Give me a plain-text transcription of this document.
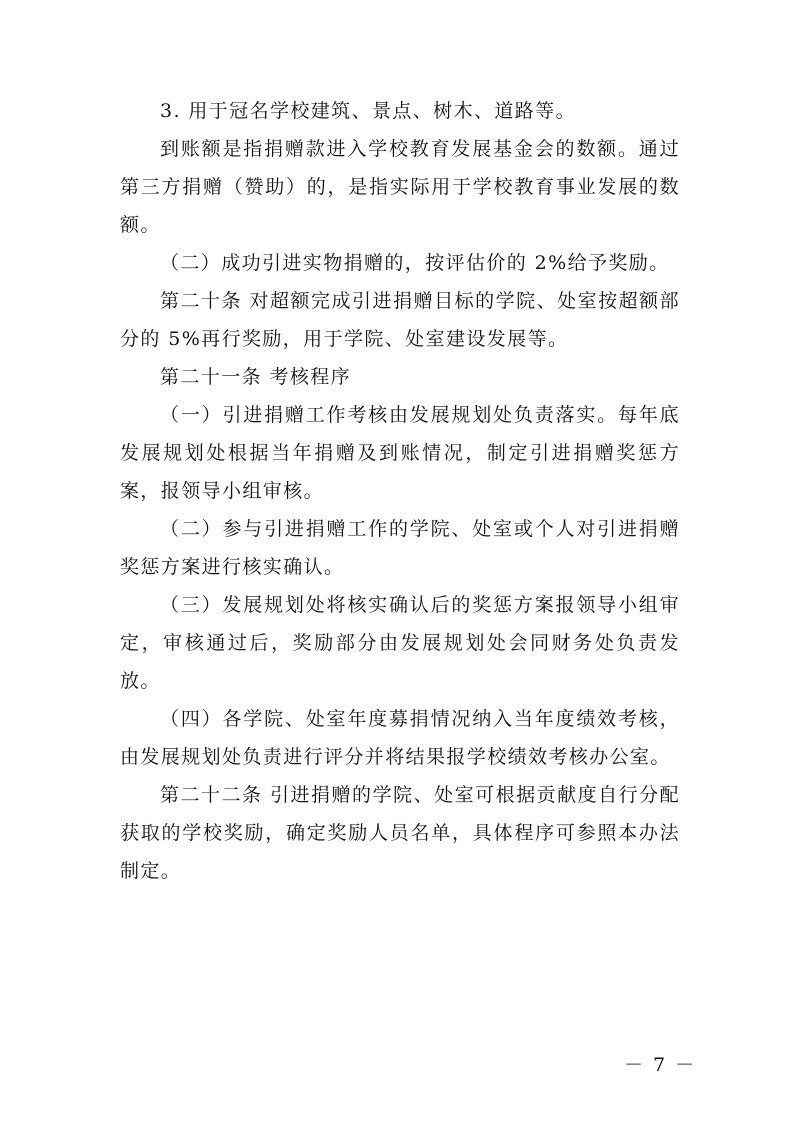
3. 用于冠名学校建筑、景点、树木、道路等。

到账额是指捐赠款进入学校教育发展基金会的数额。通过第三方捐赠（赞助）的，是指实际用于学校教育事业发展的数额。

（二）成功引进实物捐赠的，按评估价的 2%给予奖励。

第二十条 对超额完成引进捐赠目标的学院、处室按超额部分的 5%再行奖励，用于学院、处室建设发展等。

第二十一条 考核程序

（一）引进捐赠工作考核由发展规划处负责落实。每年底发展规划处根据当年捐赠及到账情况，制定引进捐赠奖惩方案，报领导小组审核。

（二）参与引进捐赠工作的学院、处室或个人对引进捐赠奖惩方案进行核实确认。

（三）发展规划处将核实确认后的奖惩方案报领导小组审定，审核通过后，奖励部分由发展规划处会同财务处负责发放。

（四）各学院、处室年度募捐情况纳入当年度绩效考核，由发展规划处负责进行评分并将结果报学校绩效考核办公室。

第二十二条 引进捐赠的学院、处室可根据贡献度自行分配获取的学校奖励，确定奖励人员名单，具体程序可参照本办法制定。

－ 7 －
